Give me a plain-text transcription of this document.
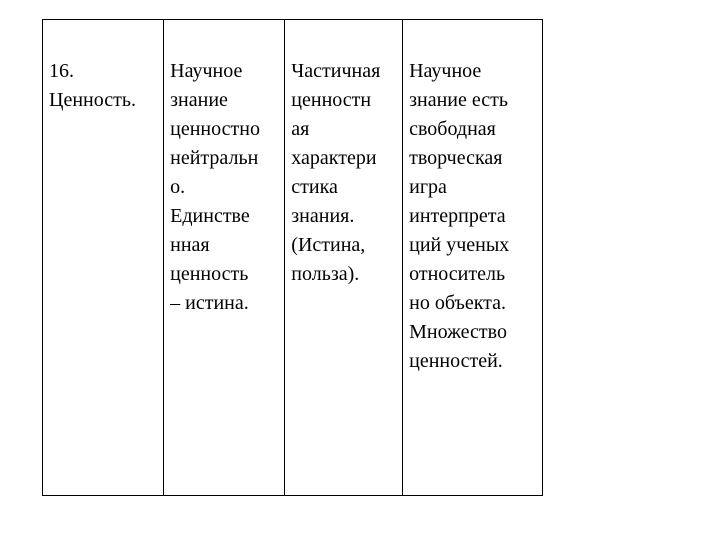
16.
Ценность.

Научное
знание
ценностно
нейтральн
о.
Единстве
нная
ценность
– истина.

Частичная
ценностн
ая
характери
стика
знания.
(Истина,
польза).

Научное
знание есть
свободная
творческая
игра
интерпрета
ций ученых
относитель
но объекта.
Множество
ценностей.
